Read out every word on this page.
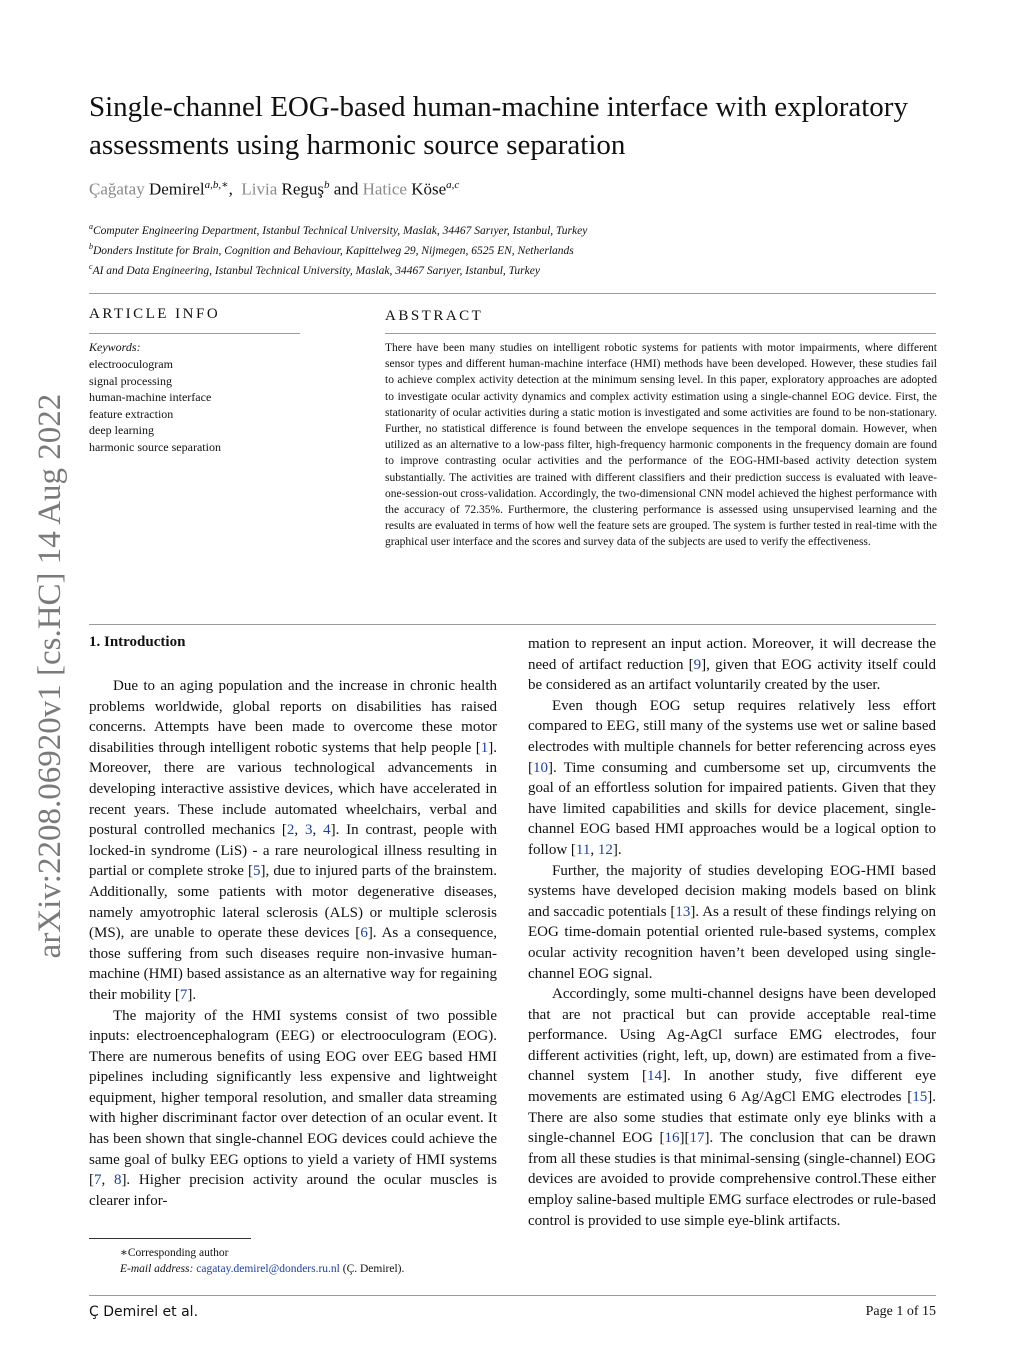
arXiv:2208.06920v1 [cs.HC] 14 Aug 2022
Single-channel EOG-based human-machine interface with exploratory assessments using harmonic source separation
Çağatay Demirel$^{a,b,∗}$, Livia Reguş$^b$ and Hatice Köse$^{a,c}$
$^a$Computer Engineering Department, Istanbul Technical University, Maslak, 34467 Sarıyer, Istanbul, Turkey
$^b$Donders Institute for Brain, Cognition and Behaviour, Kapittelweg 29, Nijmegen, 6525 EN, Netherlands
$^c$AI and Data Engineering, Istanbul Technical University, Maslak, 34467 Sarıyer, Istanbul, Turkey
ARTICLE INFO	ABSTRACT
Keywords:
electrooculogram
signal processing
human-machine interface
feature extraction
deep learning
harmonic source separation
There have been many studies on intelligent robotic systems for patients with motor impairments, where different sensor types and different human-machine interface (HMI) methods have been developed. However, these studies fail to achieve complex activity detection at the minimum sensing level. In this paper, exploratory approaches are adopted to investigate ocular activity dynamics and complex activity estimation using a single-channel EOG device. First, the stationarity of ocular activities during a static motion is investigated and some activities are found to be non-stationary. Further, no statistical difference is found between the envelope sequences in the temporal domain. However, when utilized as an alternative to a low-pass filter, high-frequency harmonic components in the frequency domain are found to improve contrasting ocular activities and the performance of the EOG-HMI-based activity detection system substantially. The activities are trained with different classifiers and their prediction success is evaluated with leave-one-session-out cross-validation. Accordingly, the two-dimensional CNN model achieved the highest performance with the accuracy of 72.35%. Furthermore, the clustering performance is assessed using unsupervised learning and the results are evaluated in terms of how well the feature sets are grouped. The system is further tested in real-time with the graphical user interface and the scores and survey data of the subjects are used to verify the effectiveness.
1. Introduction

Due to an aging population and the increase in chronic health problems worldwide, global reports on disabilities has raised concerns. Attempts have been made to overcome these motor disabilities through intelligent robotic systems that help people [1]. Moreover, there are various technological advancements in developing interactive assistive devices, which have accelerated in recent years. These include automated wheelchairs, verbal and postural controlled mechanics [2, 3, 4]. In contrast, people with locked-in syndrome (LiS) - a rare neurological illness resulting in partial or complete stroke [5], due to injured parts of the brainstem. Additionally, some patients with motor degenerative diseases, namely amyotrophic lateral sclerosis (ALS) or multiple sclerosis (MS), are unable to operate these devices [6]. As a consequence, those suffering from such diseases require non-invasive human-machine (HMI) based assistance as an alternative way for regaining their mobility [7].

The majority of the HMI systems consist of two possible inputs: electroencephalogram (EEG) or electrooculogram (EOG). There are numerous benefits of using EOG over EEG based HMI pipelines including significantly less expensive and lightweight equipment, higher temporal resolution, and smaller data streaming with higher discriminant factor over detection of an ocular event. It has been shown that single-channel EOG devices could achieve the same goal of bulky EEG options to yield a variety of HMI systems [7, 8]. Higher precision activity around the ocular muscles is clearer infor-

mation to represent an input action. Moreover, it will decrease the need of artifact reduction [9], given that EOG activity itself could be considered as an artifact voluntarily created by the user.

Even though EOG setup requires relatively less effort compared to EEG, still many of the systems use wet or saline based electrodes with multiple channels for better referencing across eyes [10]. Time consuming and cumbersome set up, circumvents the goal of an effortless solution for impaired patients. Given that they have limited capabilities and skills for device placement, single-channel EOG based HMI approaches would be a logical option to follow [11, 12].

Further, the majority of studies developing EOG-HMI based systems have developed decision making models based on blink and saccadic potentials [13]. As a result of these findings relying on EOG time-domain potential oriented rule-based systems, complex ocular activity recognition haven’t been developed using single-channel EOG signal.

Accordingly, some multi-channel designs have been developed that are not practical but can provide acceptable real-time performance. Using Ag-AgCl surface EMG electrodes, four different activities (right, left, up, down) are estimated from a five-channel system [14]. In another study, five different eye movements are estimated using 6 Ag/AgCl EMG electrodes [15]. There are also some studies that estimate only eye blinks with a single-channel EOG [16][17]. The conclusion that can be drawn from all these studies is that minimal-sensing (single-channel) EOG devices are avoided to provide comprehensive control.These either employ saline-based multiple EMG surface electrodes or rule-based control is provided to use simple eye-blink artifacts.

∗Corresponding author
E-mail address: cagatay.demirel@donders.ru.nl (Ç. Demirel).
Ç Demirel et al.	Page 1 of 15
